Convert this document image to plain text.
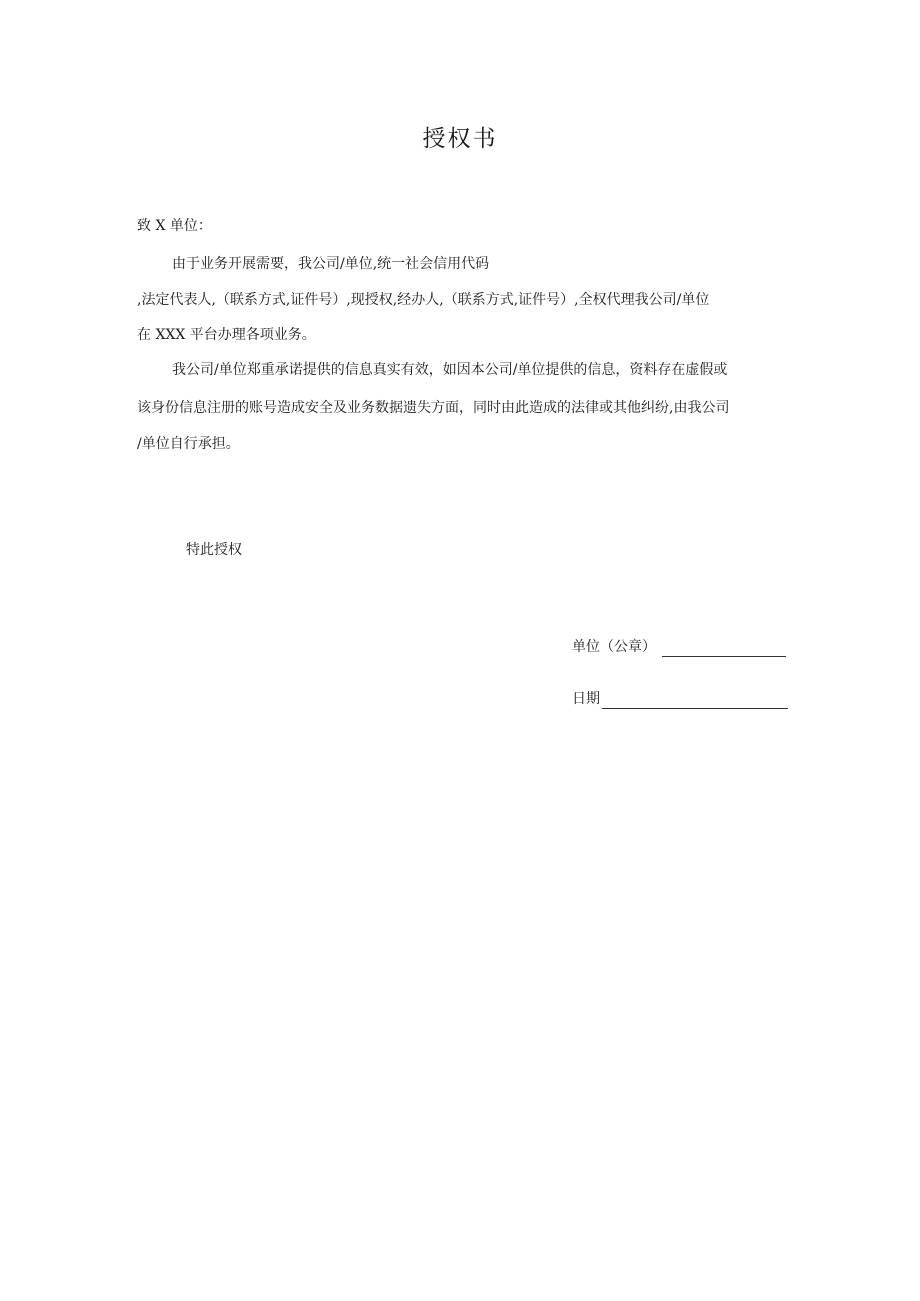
授权书
致 X 单位：
由于业务开展需要，我公司/单位,统一社会信用代码
,法定代表人,（联系方式,证件号）,现授权,经办人,（联系方式,证件号）,全权代理我公司/单位
在 XXX 平台办理各项业务。
我公司/单位郑重承诺提供的信息真实有效，如因本公司/单位提供的信息，资料存在虚假或
该身份信息注册的账号造成安全及业务数据遗失方面，同时由此造成的法律或其他纠纷,由我公司
/单位自行承担。
特此授权
单位（公章）
日期
